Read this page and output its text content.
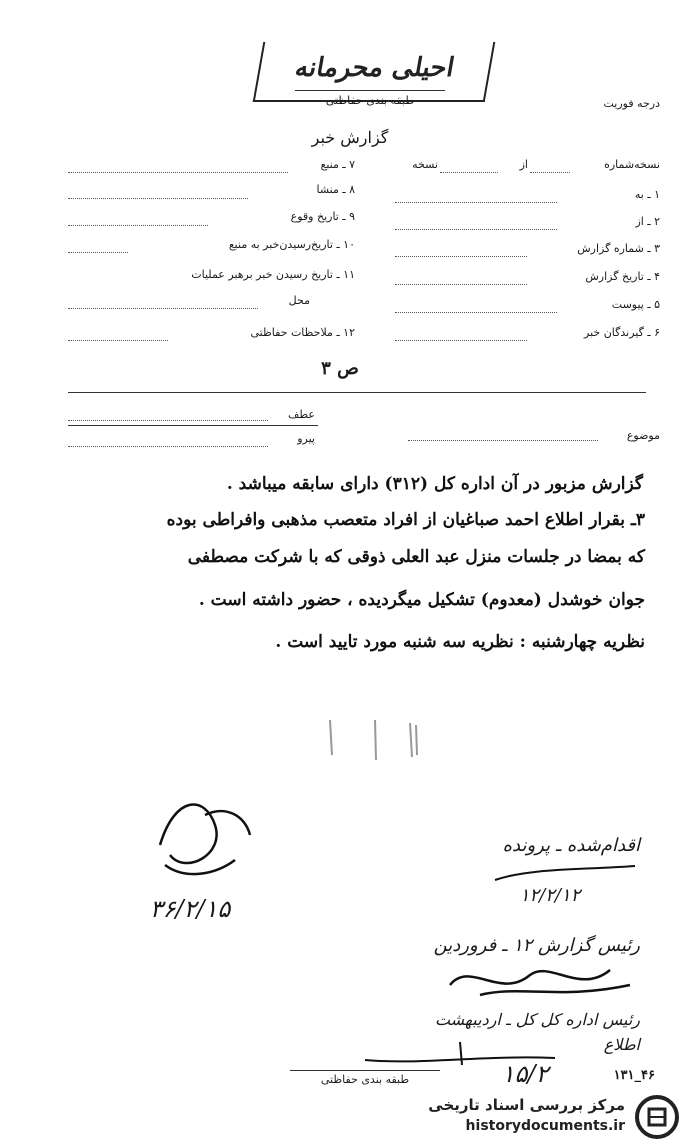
احیلی محرمانه
طبقه بندی حفاظتی	درجه فوریت
گزارش خبر
نسخه‌شماره
از
نسخه
۷ ـ منبع
۱ ـ به
۲ ـ از
۳ ـ شماره گزارش
۴ ـ تاریخ گزارش
۵ ـ پیوست
۶ ـ گیرندگان خبر
۸ ـ منشا
۹ ـ تاریخ وقوع
۱۰ ـ تاریخ‌رسیدن‌خبر به منبع
۱۱ ـ تاریخ رسیدن خبر برهبر عملیات
محل
۱۲ ـ ملاحظات حفاظتی
ص ۳
موضوع
عطف
پیرو
گزارش مزبور در آن اداره کل (۳۱۲) دارای سابقه میباشد .
۳ـ بقرار اطلاع احمد صباغیان از افراد متعصب مذهبی وافراطی بوده
که بمضا در جلسات منزل عبد العلی ذوقی که با شرکت مصطفی
جوان خوشدل (معدوم) تشکیل میگردیده ، حضور داشته است .
نظریه چهارشنبه : نظریه سه شنبه مورد تایید است .
۳۶/۲/۱۵
اقدام‌شده ـ پرونده
۱۲/۲/۱۲
رئیس گزارش ۱۲ ـ فروردین
رئیس اداره کل کل ـ اردیبهشت
اطلاع
۱۵/۲
طبقه بندی حفاظتی	۴۶_۱۳۱
مرکز بررسی اسناد تاریخی
historydocuments.ir
